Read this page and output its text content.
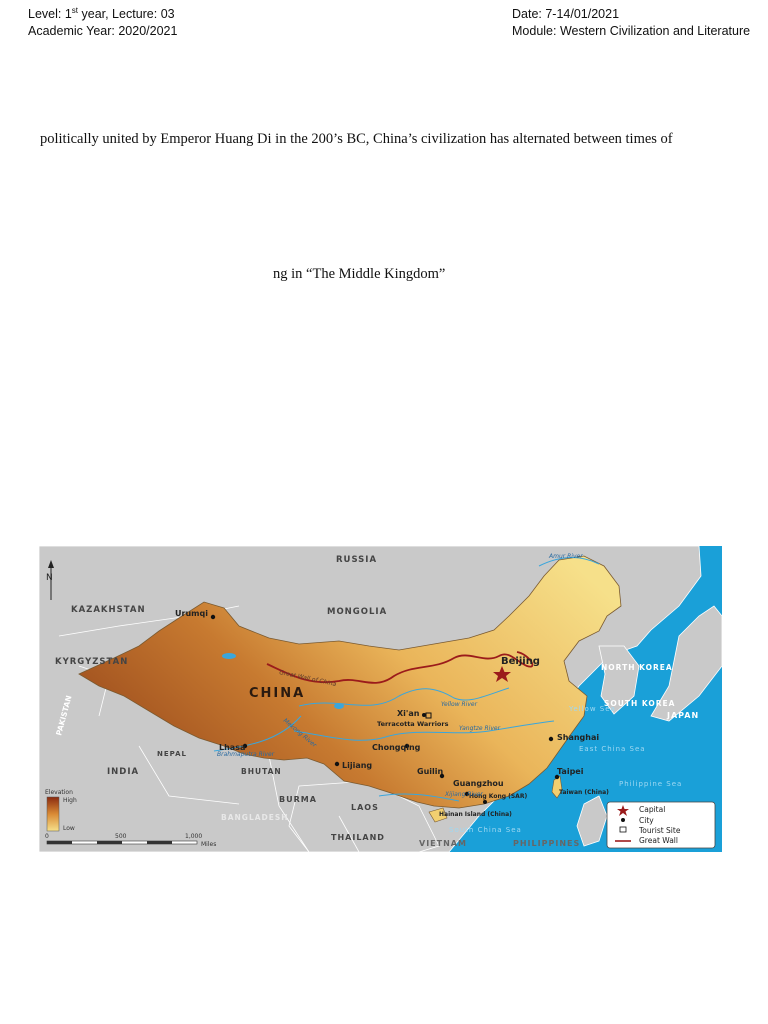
Level: 1st year, Lecture: 03
Academic Year: 2020/2021
Date: 7-14/01/2021
Module: Western Civilization and Literature
politically united by Emperor Huang Di in the 200’s BC, China’s civilization has alternated between times of
ng in “The Middle Kingdom”
N
RUSSIA
KAZAKHSTAN	MONGOLIA
KYRGYZSTAN
INDIA
NEPAL
BHUTAN
BANGLADESH
BURMA
LAOS
THAILAND
VIETNAM	PHILIPPINES
NORTH KOREA
SOUTH KOREA
JAPAN
PAKISTAN
CHINA
Urumqi
Lhasa
Xi'an
Chongqing
Lijiang
Guilin
Guangzhou
Shanghai
Taipei
Hong Kong (SAR)
Hainan Island (China)
Taiwan (China)
Terracotta Warriors
Beijing
Great Wall of China
Yellow River
Yangtze River
Mekong River
Brahmaputra River
Xijiang River
Amur River
Yellow Sea
East China Sea
South China Sea
Philippine Sea
Elevation
High
Low
0	500	1,000
Miles
Capital
City
Tourist Site
Great Wall
